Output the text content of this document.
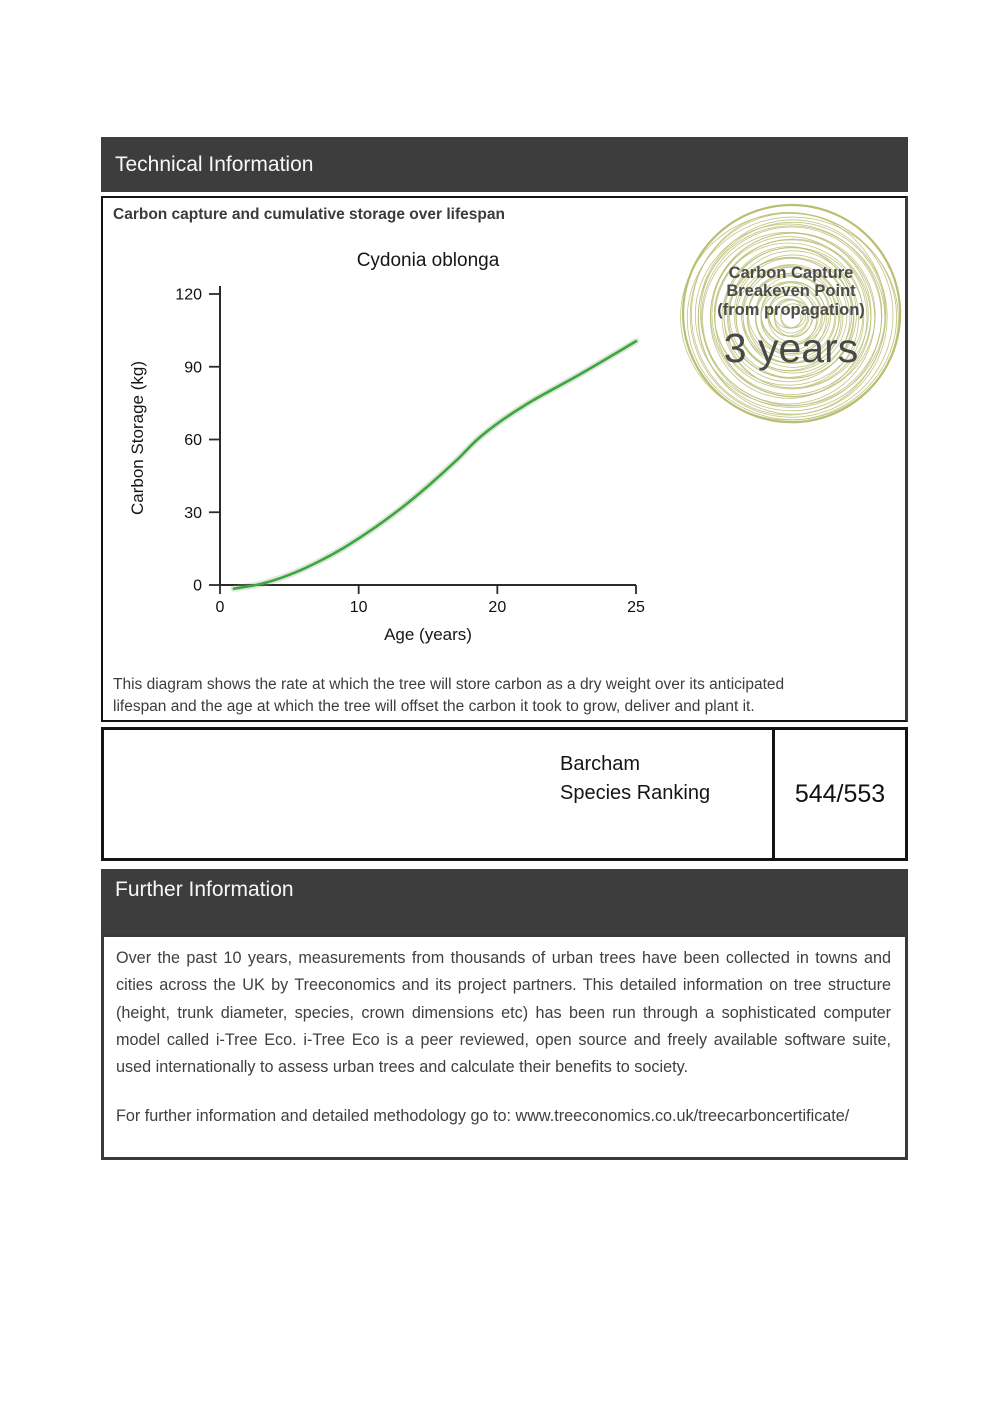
Technical Information
Carbon capture and cumulative storage over lifespan
0
30
60
90
120
0	10	20	25
Cydonia oblonga
Age (years)
Carbon Storage (kg)
Carbon Capture
Breakeven Point
(from propagation)
3 years
This diagram shows the rate at which the tree will store carbon as a dry weight over its anticipated
lifespan and the age at which the tree will offset the carbon it took to grow, deliver and plant it.
Barcham
Species Ranking	544/553
Further Information

Over the past 10 years, measurements from thousands of urban trees have been collected in towns and cities across the UK by Treeconomics and its project partners. This detailed information on tree structure (height, trunk diameter, species, crown dimensions etc) has been run through a sophisticated computer model called i-Tree Eco. i-Tree Eco is a peer reviewed, open source and freely available software suite, used internationally to assess urban trees and calculate their benefits to society.

For further information and detailed methodology go to: www.treeconomics.co.uk/treecarboncertificate/
